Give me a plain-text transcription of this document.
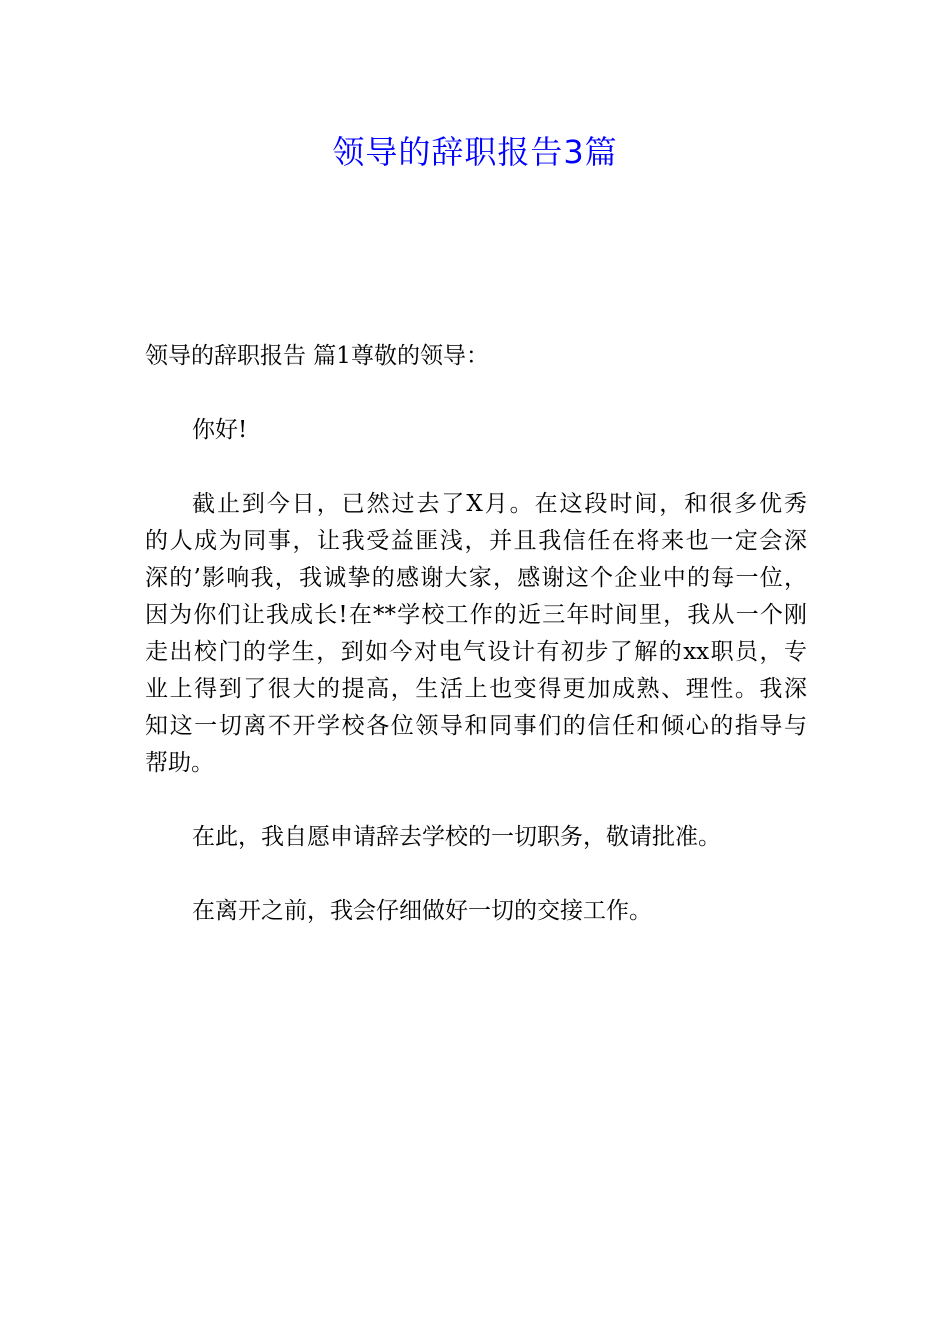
领导的辞职报告3篇
领导的辞职报告 篇1尊敬的领导：
你好!
截止到今日，已然过去了X月。在这段时间，和很多优秀
的人成为同事，让我受益匪浅，并且我信任在将来也一定会深
深的’影响我，我诚挚的感谢大家，感谢这个企业中的每一位，
因为你们让我成长!在**学校工作的近三年时间里，我从一个刚
走出校门的学生，到如今对电气设计有初步了解的xx职员，专
业上得到了很大的提高，生活上也变得更加成熟、理性。我深
知这一切离不开学校各位领导和同事们的信任和倾心的指导与
帮助。
在此，我自愿申请辞去学校的一切职务，敬请批准。
在离开之前，我会仔细做好一切的交接工作。
